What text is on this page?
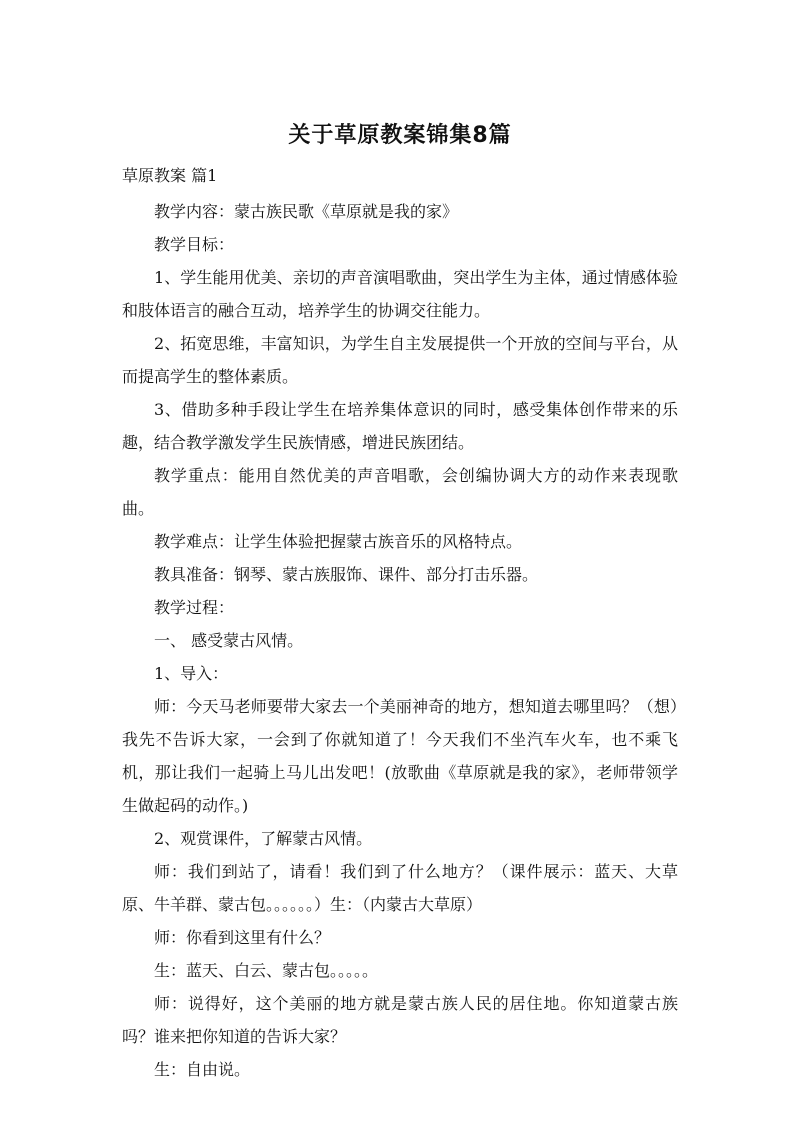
关于草原教案锦集8篇
草原教案 篇1

教学内容：蒙古族民歌《草原就是我的家》

教学目标：

1、学生能用优美、亲切的声音演唱歌曲，突出学生为主体，通过情感体验和肢体语言的融合互动，培养学生的协调交往能力。

2、拓宽思维，丰富知识，为学生自主发展提供一个开放的空间与平台，从而提高学生的整体素质。

3、借助多种手段让学生在培养集体意识的同时，感受集体创作带来的乐趣，结合教学激发学生民族情感，增进民族团结。

教学重点：能用自然优美的声音唱歌，会创编协调大方的动作来表现歌曲。

教学难点：让学生体验把握蒙古族音乐的风格特点。

教具准备：钢琴、蒙古族服饰、课件、部分打击乐器。

教学过程：

一、 感受蒙古风情。

1、导入：

师：今天马老师要带大家去一个美丽神奇的地方，想知道去哪里吗？（想）我先不告诉大家，一会到了你就知道了！今天我们不坐汽车火车，也不乘飞机，那让我们一起骑上马儿出发吧！(放歌曲《草原就是我的家》，老师带领学生做起码的动作。)

2、观赏课件，了解蒙古风情。

师：我们到站了，请看！我们到了什么地方？（课件展示：蓝天、大草原、牛羊群、蒙古包。。。。。。）生：（内蒙古大草原）

师：你看到这里有什么？

生：蓝天、白云、蒙古包。。。。。

师：说得好，这个美丽的地方就是蒙古族人民的居住地。你知道蒙古族吗？谁来把你知道的告诉大家？

生：自由说。
